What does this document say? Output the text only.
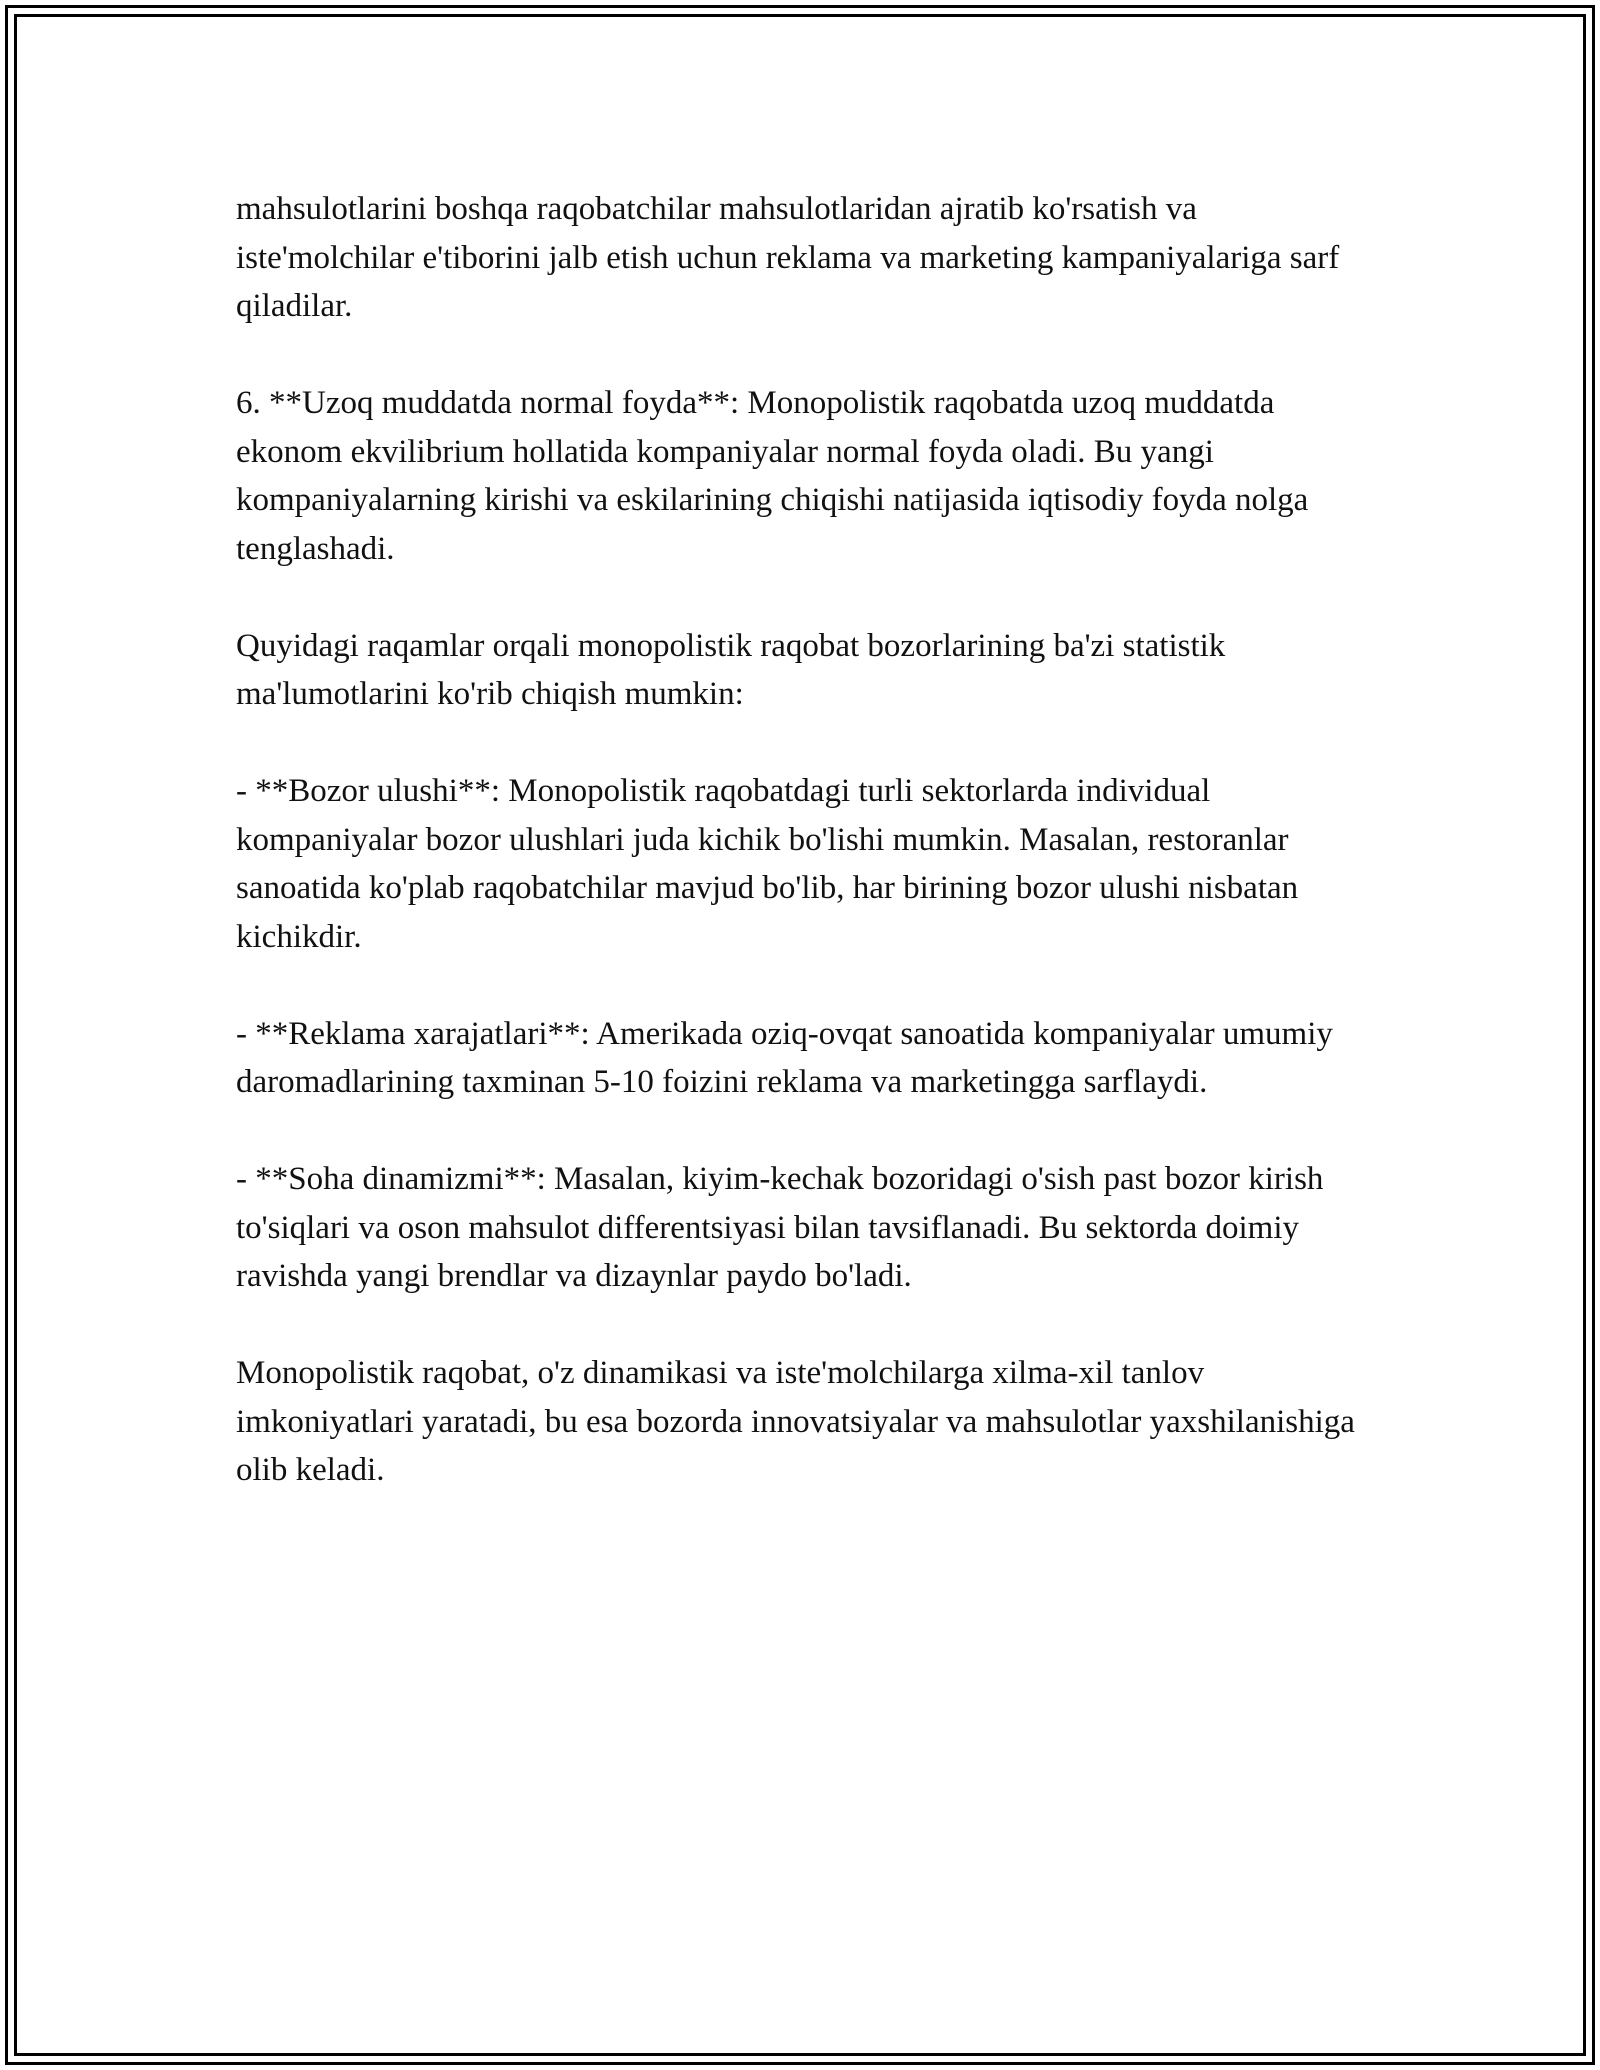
mahsulotlarini boshqa raqobatchilar mahsulotlaridan ajratib ko'rsatish va iste'molchilar e'tiborini jalb etish uchun reklama va marketing kampaniyalariga sarf qiladilar.

6. **Uzoq muddatda normal foyda**: Monopolistik raqobatda uzoq muddatda ekonom ekvilibrium hollatida kompaniyalar normal foyda oladi. Bu yangi kompaniyalarning kirishi va eskilarining chiqishi natijasida iqtisodiy foyda nolga tenglashadi.

Quyidagi raqamlar orqali monopolistik raqobat bozorlarining ba'zi statistik ma'lumotlarini ko'rib chiqish mumkin:

- **Bozor ulushi**: Monopolistik raqobatdagi turli sektorlarda individual kompaniyalar bozor ulushlari juda kichik bo'lishi mumkin. Masalan, restoranlar sanoatida ko'plab raqobatchilar mavjud bo'lib, har birining bozor ulushi nisbatan kichikdir.

- **Reklama xarajatlari**: Amerikada oziq-ovqat sanoatida kompaniyalar umumiy daromadlarining taxminan 5-10 foizini reklama va marketingga sarflaydi.

- **Soha dinamizmi**: Masalan, kiyim-kechak bozoridagi o'sish past bozor kirish to'siqlari va oson mahsulot differentsiyasi bilan tavsiflanadi. Bu sektorda doimiy ravishda yangi brendlar va dizaynlar paydo bo'ladi.

Monopolistik raqobat, o'z dinamikasi va iste'molchilarga xilma-xil tanlov imkoniyatlari yaratadi, bu esa bozorda innovatsiyalar va mahsulotlar yaxshilanishiga olib keladi.
